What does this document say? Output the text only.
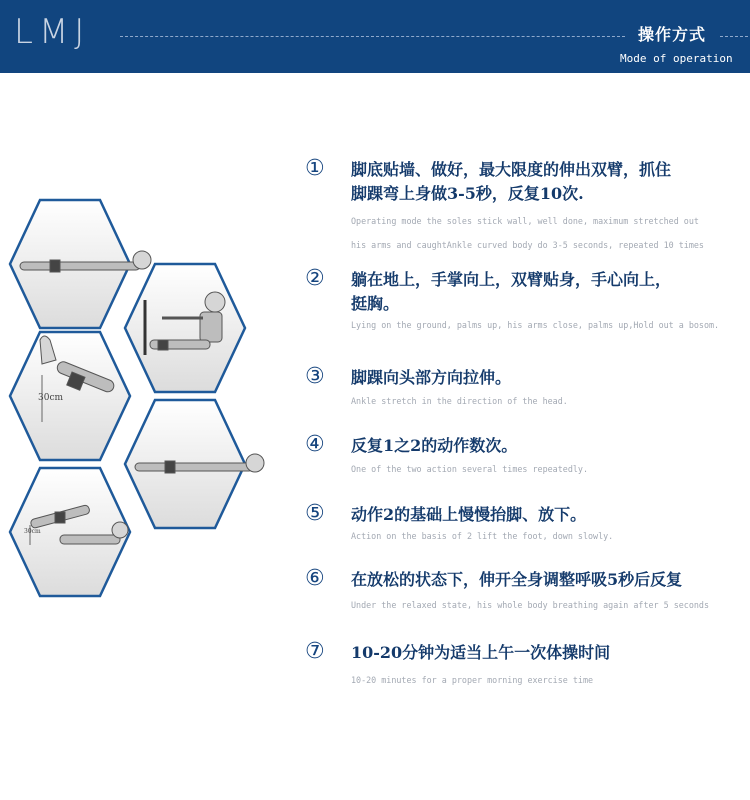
LMJ	操作方式
Mode of operation
30cm
30cm
① 脚底贴墙、做好，最大限度的伸出双臂，抓住
脚踝弯上身做3-5秒，反复10次.
Operating mode the soles stick wall, well done, maximum stretched out
his arms and caughtAnkle curved body do 3-5 seconds, repeated 10 times
② 躺在地上，手掌向上，双臂贴身，手心向上，
挺胸。
Lying on the ground, palms up, his arms close, palms up,Hold out a bosom.
③ 脚踝向头部方向拉伸。
Ankle stretch in the direction of the head.
④ 反复1之2的动作数次。
One of the two action several times repeatedly.
⑤ 动作2的基础上慢慢抬脚、放下。
Action on the basis of 2 lift the foot, down slowly.
⑥ 在放松的状态下，伸开全身调整呼吸5秒后反复
Under the relaxed state, his whole body breathing again after 5 seconds
⑦ 10-20分钟为适当上午一次体操时间
10-20 minutes for a proper morning exercise time
